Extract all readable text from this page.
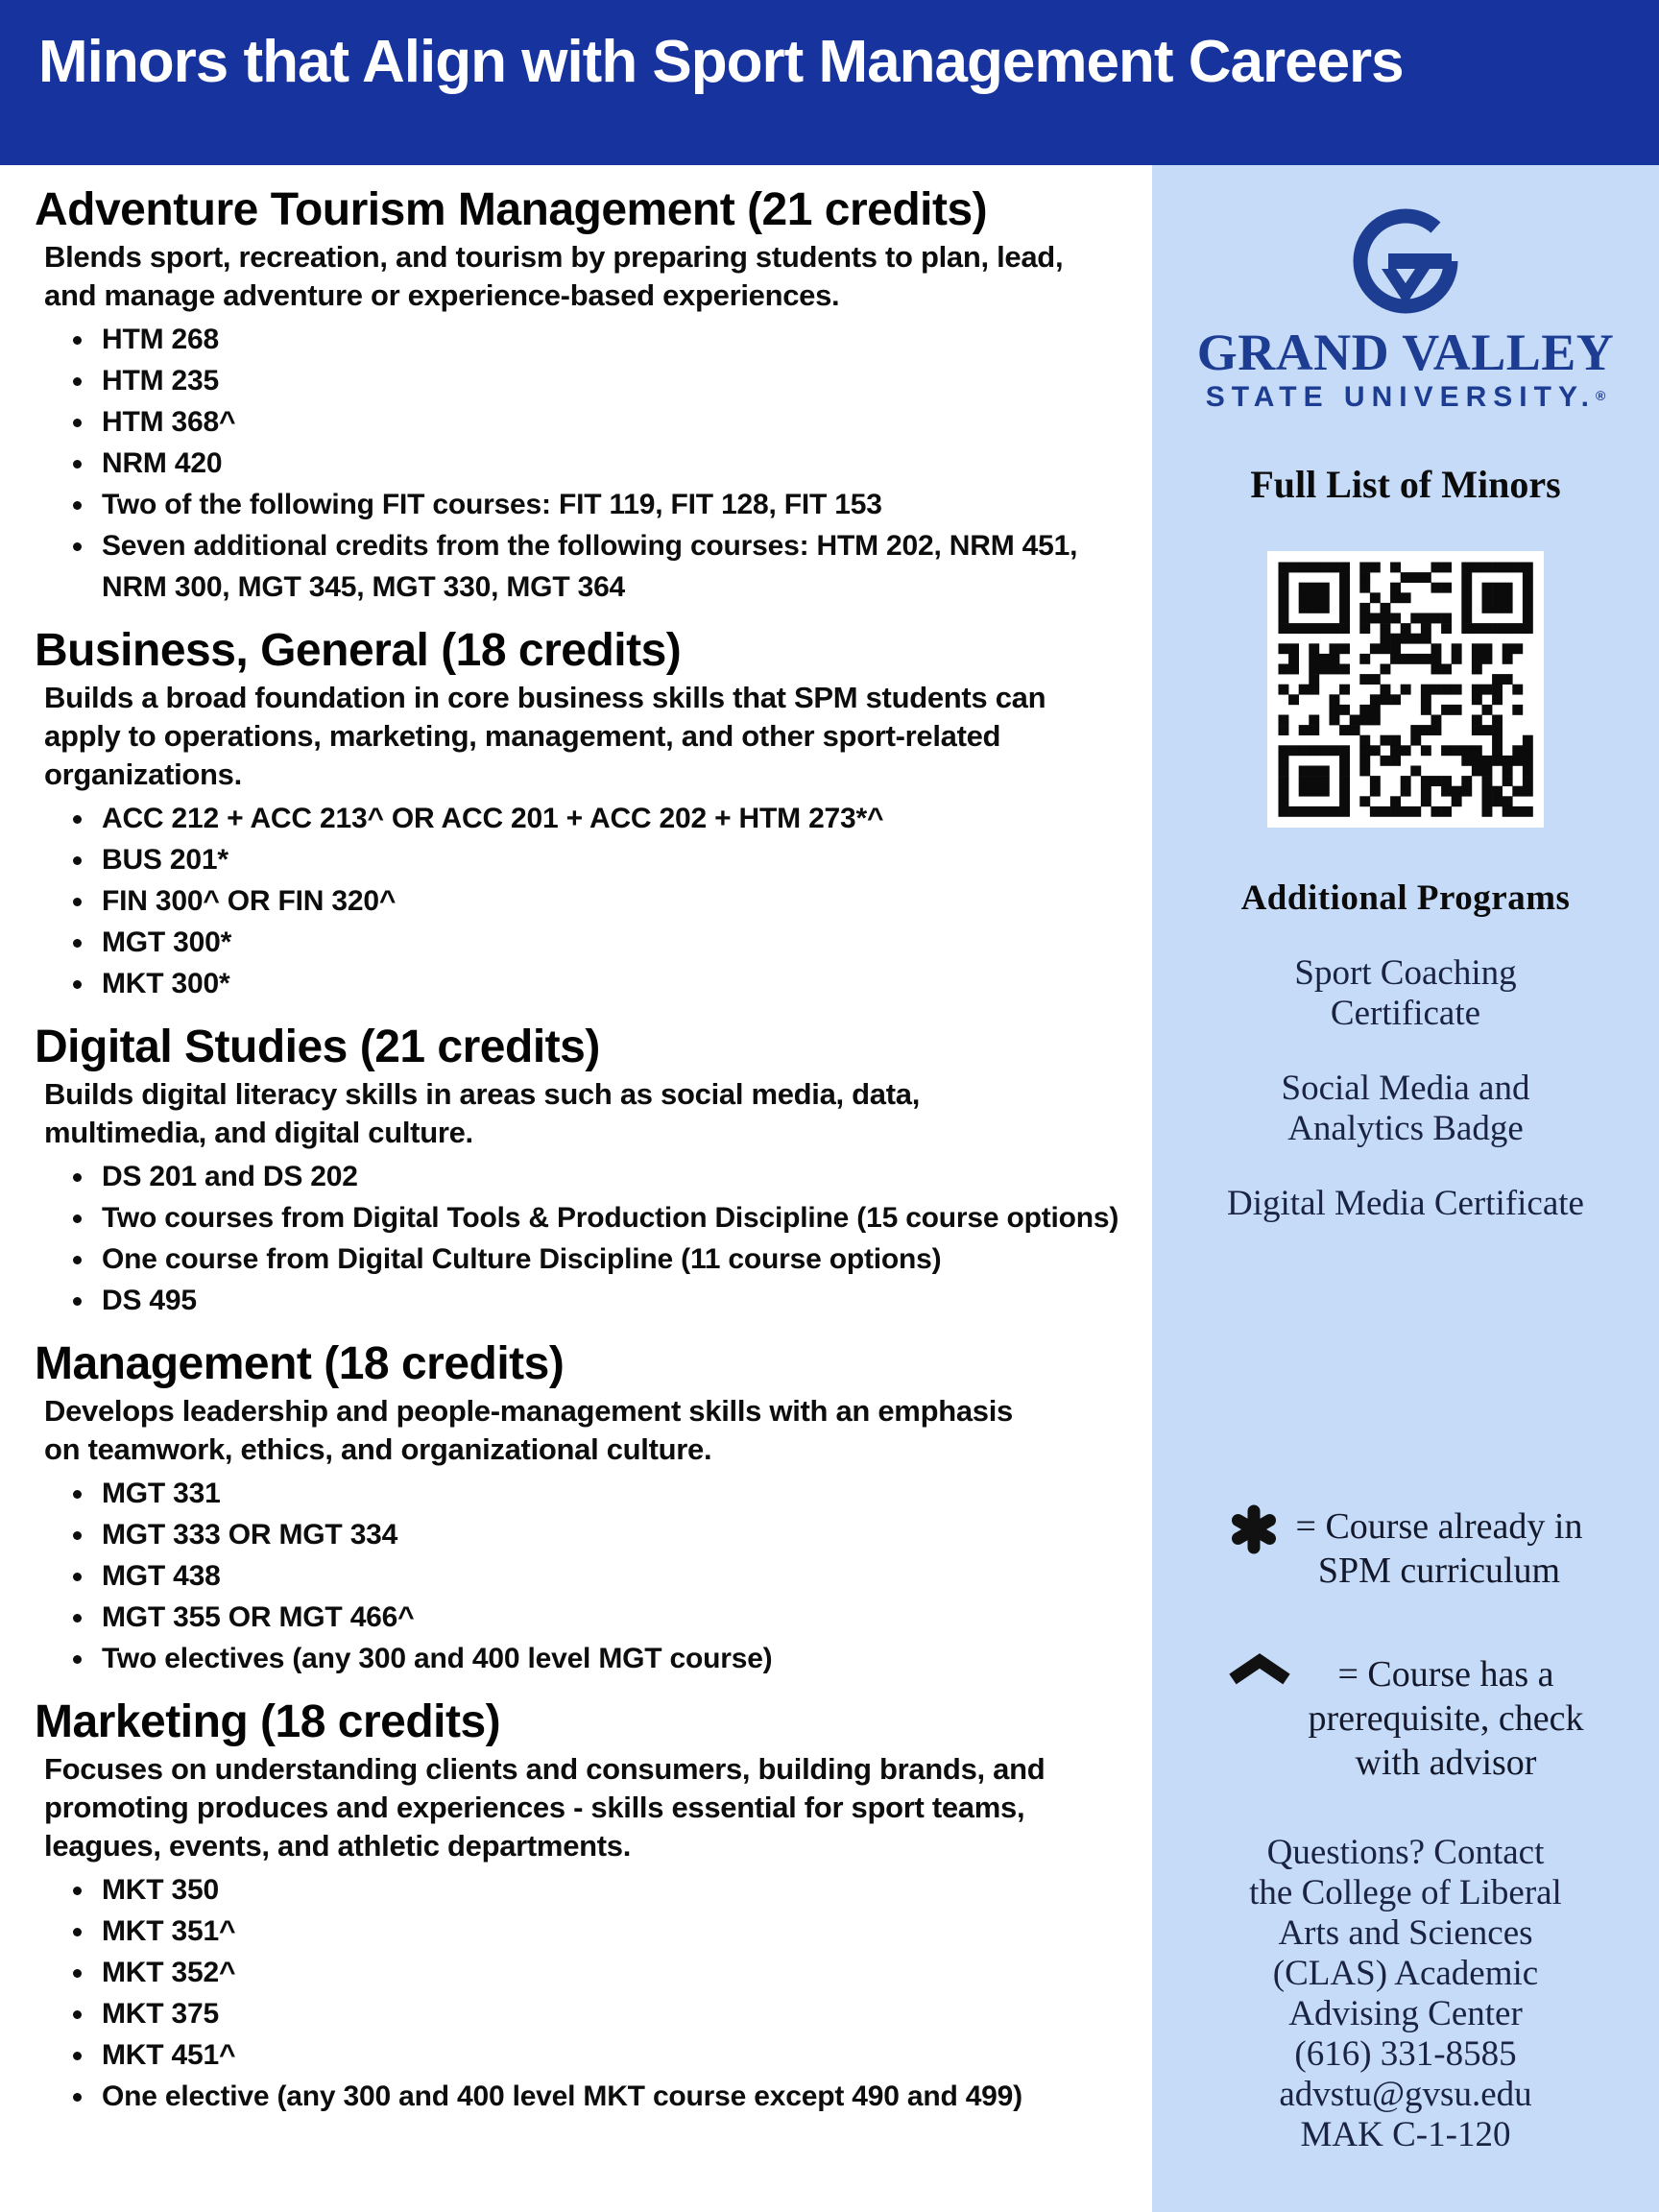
Minors that Align with Sport Management Careers
Adventure Tourism Management (21 credits)
Blends sport, recreation, and tourism by preparing students to plan, lead,
and manage adventure or experience-based experiences.
• HTM 268
• HTM 235
• HTM 368^
• NRM 420
• Two of the following FIT courses: FIT 119, FIT 128, FIT 153
• Seven additional credits from the following courses: HTM 202, NRM 451, NRM 300, MGT 345, MGT 330, MGT 364
Business, General (18 credits)
Builds a broad foundation in core business skills that SPM students can
apply to operations, marketing, management, and other sport-related
organizations.
• ACC 212 + ACC 213^ OR ACC 201 + ACC 202 + HTM 273*^
• BUS 201*
• FIN 300^ OR FIN 320^
• MGT 300*
• MKT 300*
Digital Studies (21 credits)
Builds digital literacy skills in areas such as social media, data,
multimedia, and digital culture.
• DS 201 and DS 202
• Two courses from Digital Tools & Production Discipline (15 course options)
• One course from Digital Culture Discipline (11 course options)
• DS 495
Management (18 credits)
Develops leadership and people-management skills with an emphasis
on teamwork, ethics, and organizational culture.
• MGT 331
• MGT 333 OR MGT 334
• MGT 438
• MGT 355 OR MGT 466^
• Two electives (any 300 and 400 level MGT course)
Marketing (18 credits)
Focuses on understanding clients and consumers, building brands, and
promoting produces and experiences - skills essential for sport teams,
leagues, events, and athletic departments.
• MKT 350
• MKT 351^
• MKT 352^
• MKT 375
• MKT 451^
• One elective (any 300 and 400 level MKT course except 490 and 499)
GRAND VALLEY
STATE UNIVERSITY.®
Full List of Minors
Additional Programs
Sport Coaching
Certificate
Social Media and
Analytics Badge
Digital Media Certificate
= Course already in
SPM curriculum
= Course has a
prerequisite, check
with advisor
Questions? Contact
the College of Liberal
Arts and Sciences
(CLAS) Academic
Advising Center
(616) 331-8585
advstu@gvsu.edu
MAK C-1-120
